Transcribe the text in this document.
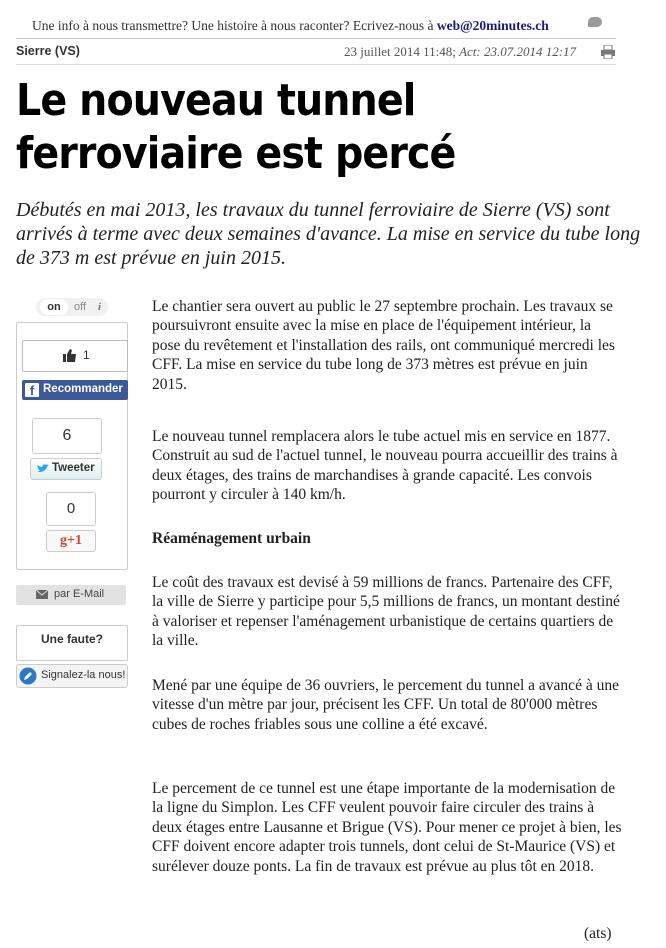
Une info à nous transmettre? Une histoire à nous raconter? Ecrivez-nous à web@20minutes.ch
Sierre (VS)	23 juillet 2014 11:48; Act: 23.07.2014 12:17
Le nouveau tunnel ferroviaire est percé

Débutés en mai 2013, les travaux du tunnel ferroviaire de Sierre (VS) sont arrivés à terme avec deux semaines d'avance. La mise en service du tube long de 373 m est prévue en juin 2015.

on	off i
1
f Recommander
6
Tweeter
0
g+1
par E-Mail
Une faute?
Signalez-la nous!

Le chantier sera ouvert au public le 27 septembre prochain. Les travaux se poursuivront ensuite avec la mise en place de l'équipement intérieur, la pose du revêtement et l'installation des rails, ont communiqué mercredi les CFF. La mise en service du tube long de 373 mètres est prévue en juin 2015.

Le nouveau tunnel remplacera alors le tube actuel mis en service en 1877. Construit au sud de l'actuel tunnel, le nouveau pourra accueillir des trains à deux étages, des trains de marchandises à grande capacité. Les convois pourront y circuler à 140 km/h.

Réaménagement urbain

Le coût des travaux est devisé à 59 millions de francs. Partenaire des CFF, la ville de Sierre y participe pour 5,5 millions de francs, un montant destiné à valoriser et repenser l'aménagement urbanistique de certains quartiers de la ville.

Mené par une équipe de 36 ouvriers, le percement du tunnel a avancé à une vitesse d'un mètre par jour, précisent les CFF. Un total de 80'000 mètres cubes de roches friables sous une colline a été excavé.

Le percement de ce tunnel est une étape importante de la modernisation de la ligne du Simplon. Les CFF veulent pouvoir faire circuler des trains à deux étages entre Lausanne et Brigue (VS). Pour mener ce projet à bien, les CFF doivent encore adapter trois tunnels, dont celui de St-Maurice (VS) et surélever douze ponts. La fin de travaux est prévue au plus tôt en 2018.

(ats)
